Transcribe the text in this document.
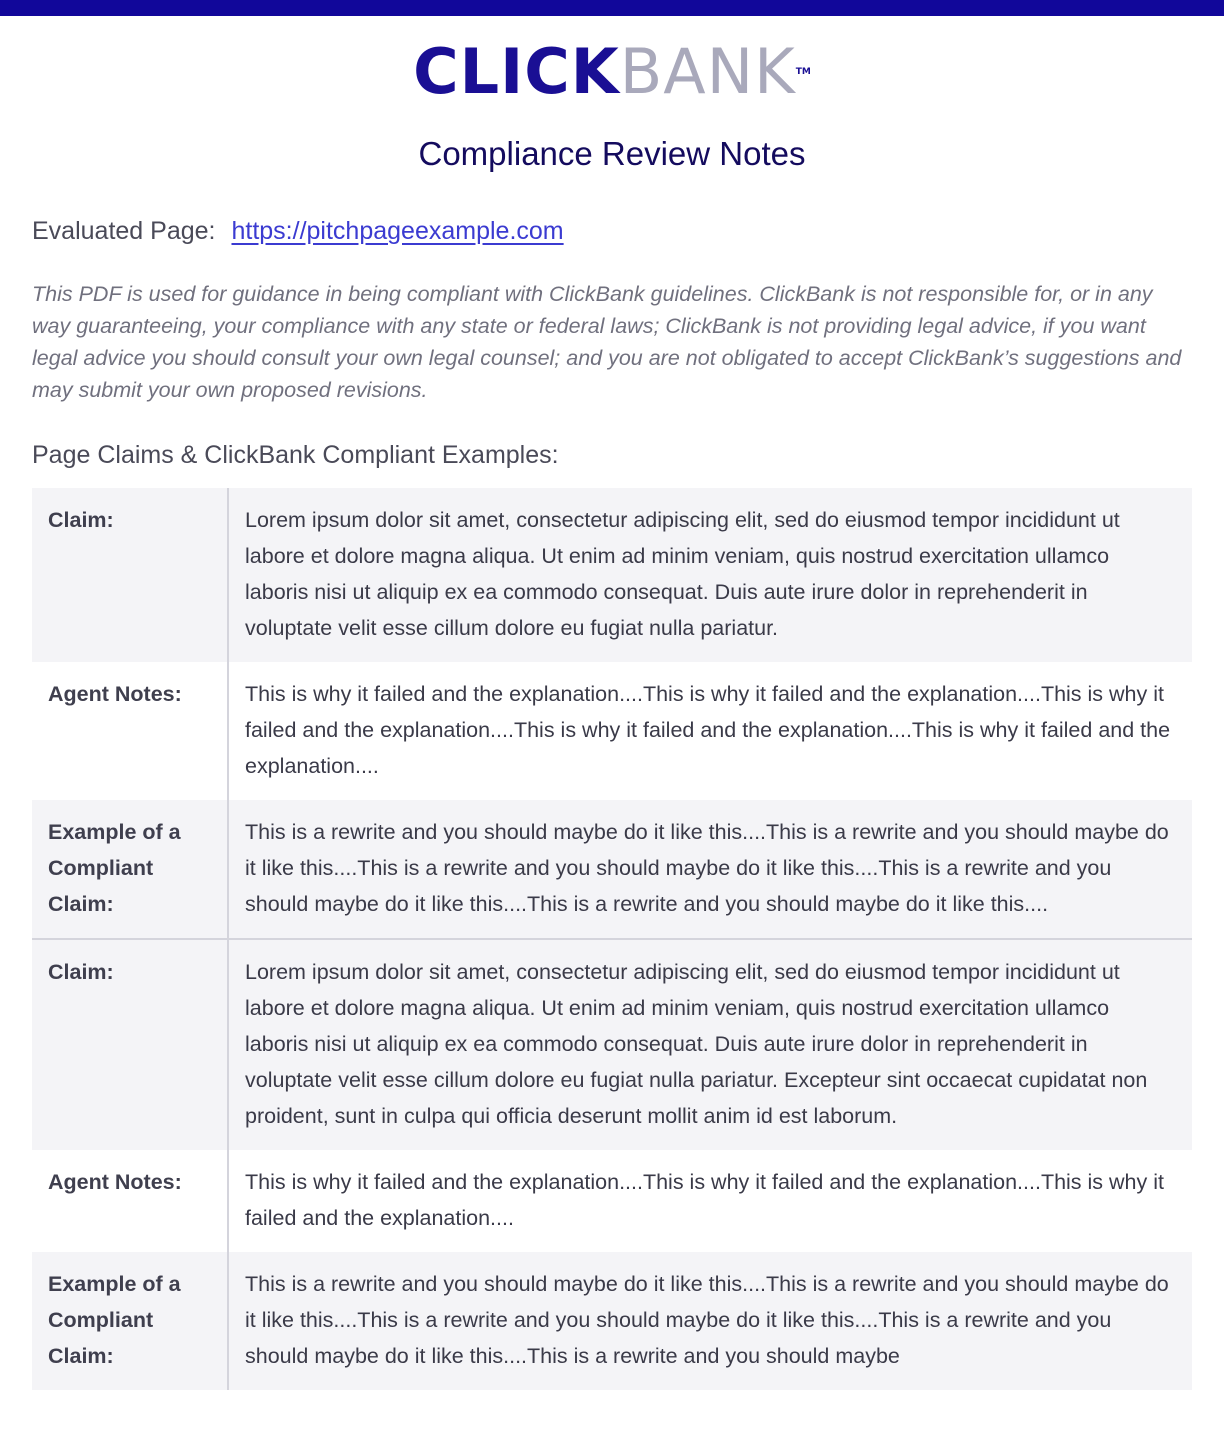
CLICKBANKTM
Compliance Review Notes
Evaluated Page: https://pitchpageexample.com

This PDF is used for guidance in being compliant with ClickBank guidelines. ClickBank is not responsible for, or in any way guaranteeing, your compliance with any state or federal laws; ClickBank is not providing legal advice, if you want legal advice you should consult your own legal counsel; and you are not obligated to accept ClickBank’s suggestions and may submit your own proposed revisions.

Page Claims & ClickBank Compliant Examples:
Claim:	Lorem ipsum dolor sit amet, consectetur adipiscing elit, sed do eiusmod tempor incididunt ut labore et dolore magna aliqua. Ut enim ad minim veniam, quis nostrud exercitation ullamco laboris nisi ut aliquip ex ea commodo consequat. Duis aute irure dolor in reprehenderit in voluptate velit esse cillum dolore eu fugiat nulla pariatur.
Agent Notes:	This is why it failed and the explanation....This is why it failed and the explanation....This is why it failed and the explanation....This is why it failed and the explanation....This is why it failed and the explanation....
Example of a Compliant Claim:	This is a rewrite and you should maybe do it like this....This is a rewrite and you should maybe do it like this....This is a rewrite and you should maybe do it like this....This is a rewrite and you should maybe do it like this....This is a rewrite and you should maybe do it like this....
Claim:	Lorem ipsum dolor sit amet, consectetur adipiscing elit, sed do eiusmod tempor incididunt ut labore et dolore magna aliqua. Ut enim ad minim veniam, quis nostrud exercitation ullamco laboris nisi ut aliquip ex ea commodo consequat. Duis aute irure dolor in reprehenderit in voluptate velit esse cillum dolore eu fugiat nulla pariatur. Excepteur sint occaecat cupidatat non proident, sunt in culpa qui officia deserunt mollit anim id est laborum.
Agent Notes:	This is why it failed and the explanation....This is why it failed and the explanation....This is why it failed and the explanation....
Example of a Compliant Claim:	This is a rewrite and you should maybe do it like this....This is a rewrite and you should maybe do it like this....This is a rewrite and you should maybe do it like this....This is a rewrite and you should maybe do it like this....This is a rewrite and you should maybe
